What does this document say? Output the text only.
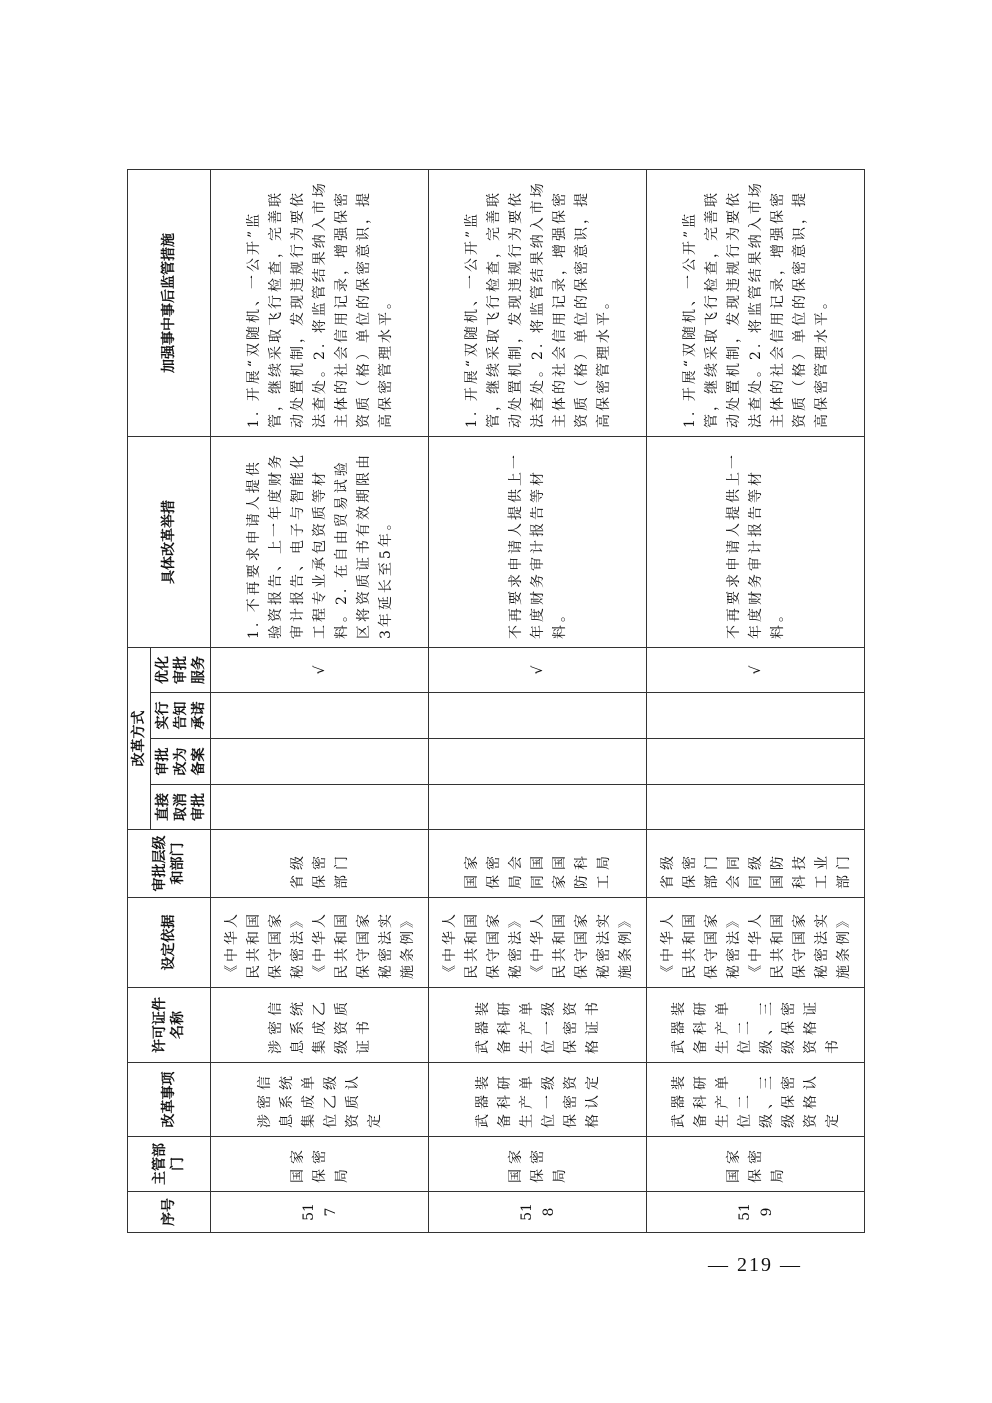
序号	主管部门	改革事项	许可证件名称	设定依据	审批层级和部门	改革方式				具体改革举措	加强事中事后监管措施
						直接取消审批	审批改为备案	实行告知承诺	优化审批服务		
517	国家保密局	涉密信息系统集成单位乙级资质认定	涉密信息系统集成乙级资质证书	《中华人民共和国保守国家秘密法》《中华人民共和国保守国家秘密法实施条例》	省级保密部门				√	1. 不再要求申请人提供验资报告、上一年度财务审计报告、电子与智能化工程专业承包资质等材料。2. 在自由贸易试验区将资质证书有效期限由3年延长至5年。	1. 开展“双随机、一公开”监管，继续采取飞行检查，完善联动处置机制，发现违规行为要依法查处。2. 将监管结果纳入市场主体的社会信用记录，增强保密资质（格）单位的保密意识，提高保密管理水平。
518	国家保密局	武器装备科研生产单位一级保密资格认定	武器装备科研生产单位一级保密资格证书	《中华人民共和国保守国家秘密法》《中华人民共和国保守国家秘密法实施条例》	国家保密局会同国家国防科工局				√	不再要求申请人提供上一年度财务审计报告等材料。	1. 开展“双随机、一公开”监管，继续采取飞行检查，完善联动处置机制，发现违规行为要依法查处。2. 将监管结果纳入市场主体的社会信用记录，增强保密资质（格）单位的保密意识，提高保密管理水平。
519	国家保密局	武器装备科研生产单位二级、三级保密资格认定	武器装备科研生产单位二级、三级保密资格证书	《中华人民共和国保守国家秘密法》《中华人民共和国保守国家秘密法实施条例》	省级保密部门会同同级国防科技工业部门				√	不再要求申请人提供上一年度财务审计报告等材料。	1. 开展“双随机、一公开”监管，继续采取飞行检查，完善联动处置机制，发现违规行为要依法查处。2. 将监管结果纳入市场主体的社会信用记录，增强保密资质（格）单位的保密意识，提高保密管理水平。
— 219 —
